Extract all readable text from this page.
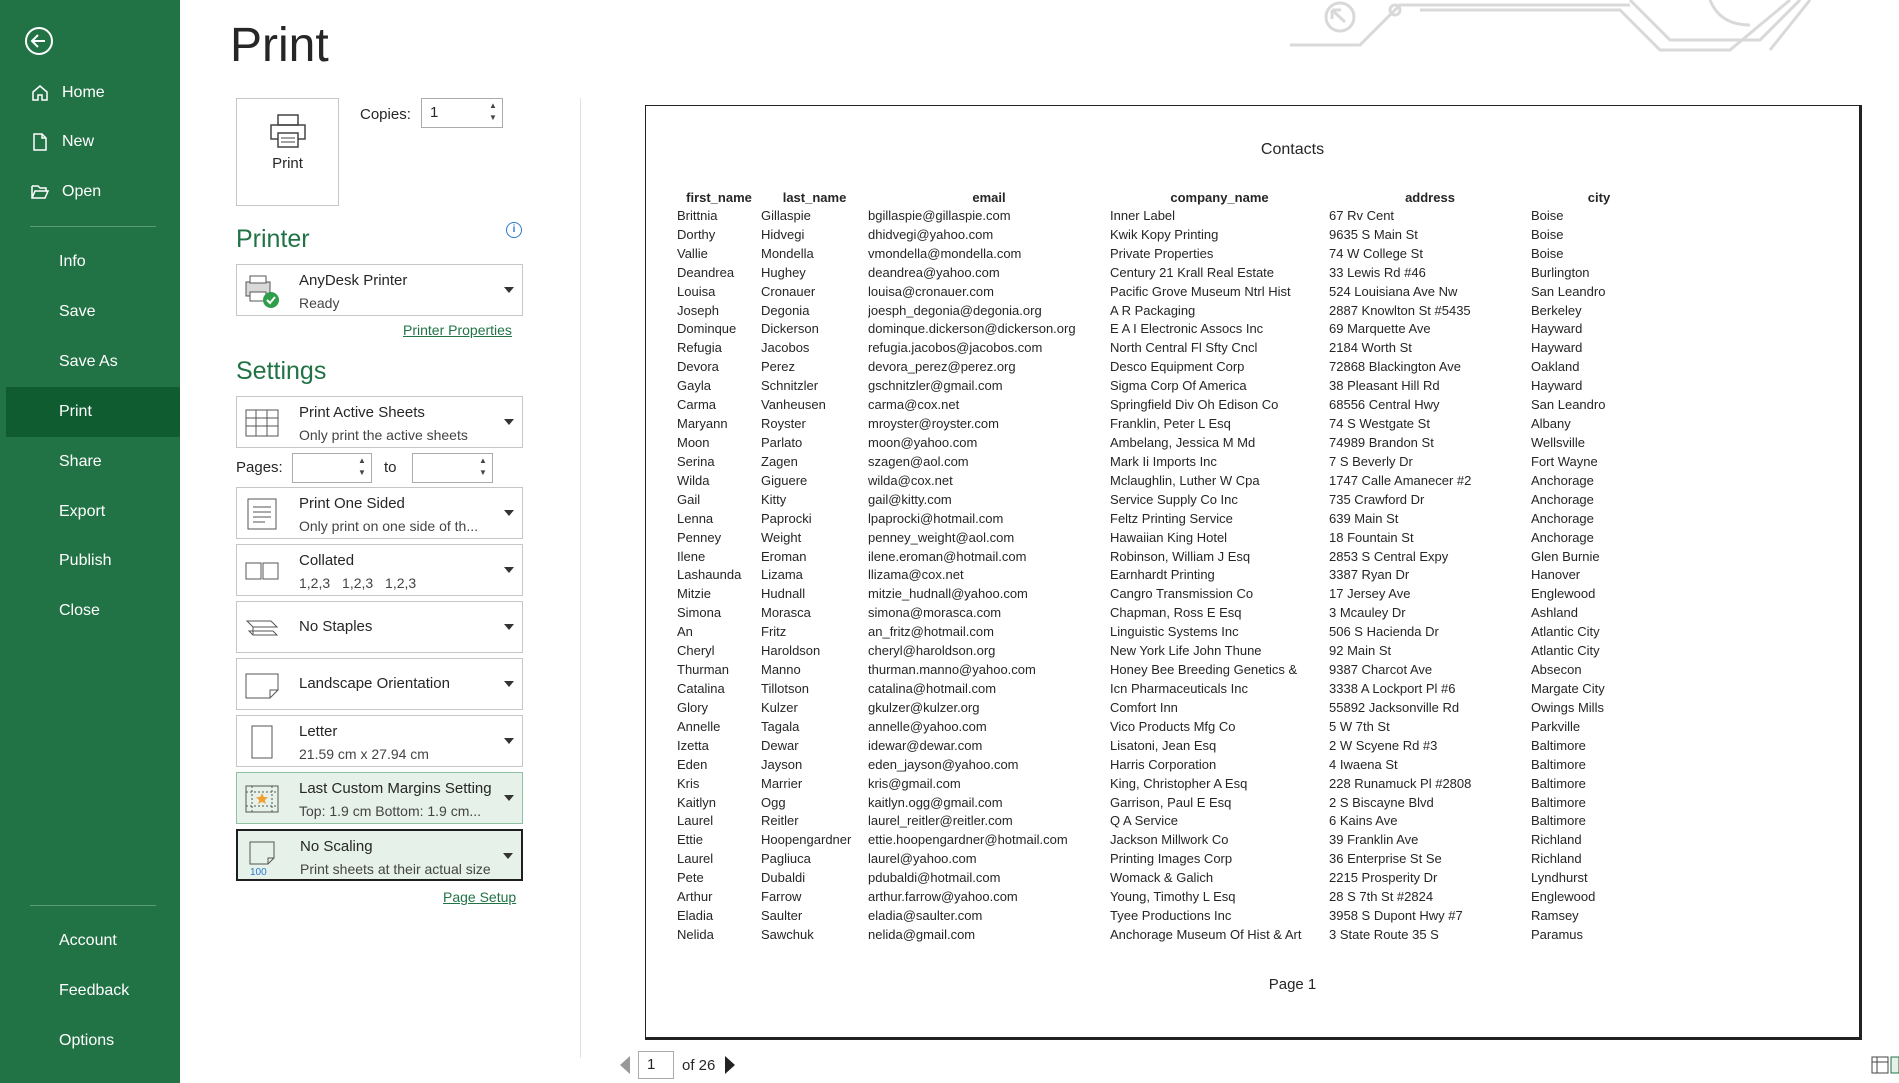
Home
New
Open
Info
Save
Save As
Print
Share
Export
Publish
Close
Account
Feedback
Options
Print
Print
Copies:	1	▲
▼
Printer	i
AnyDesk Printer
Ready
Printer Properties
Settings
Print Active Sheets
Only print the active sheets
Pages:	▲
▼ to	▲
▼
Print One Sided
Only print on one side of th...
Collated
1,2,3 1,2,3 1,2,3
No Staples
Landscape Orientation
Letter
21.59 cm x 27.94 cm
Last Custom Margins Setting
Top: 1.9 cm Bottom: 1.9 cm...
100
No Scaling
Print sheets at their actual size
Page Setup
Contacts
first_name	last_name	email	company_name	address	city
Brittnia	Gillaspie	bgillaspie@gillaspie.com	Inner Label	67 Rv Cent	Boise
Dorthy	Hidvegi	dhidvegi@yahoo.com	Kwik Kopy Printing	9635 S Main St	Boise
Vallie	Mondella	vmondella@mondella.com	Private Properties	74 W College St	Boise
Deandrea	Hughey	deandrea@yahoo.com	Century 21 Krall Real Estate	33 Lewis Rd #46	Burlington
Louisa	Cronauer	louisa@cronauer.com	Pacific Grove Museum Ntrl Hist	524 Louisiana Ave Nw	San Leandro
Joseph	Degonia	joesph_degonia@degonia.org	A R Packaging	2887 Knowlton St #5435	Berkeley
Dominque	Dickerson	dominque.dickerson@dickerson.org	E A I Electronic Assocs Inc	69 Marquette Ave	Hayward
Refugia	Jacobos	refugia.jacobos@jacobos.com	North Central Fl Sfty Cncl	2184 Worth St	Hayward
Devora	Perez	devora_perez@perez.org	Desco Equipment Corp	72868 Blackington Ave	Oakland
Gayla	Schnitzler	gschnitzler@gmail.com	Sigma Corp Of America	38 Pleasant Hill Rd	Hayward
Carma	Vanheusen	carma@cox.net	Springfield Div Oh Edison Co	68556 Central Hwy	San Leandro
Maryann	Royster	mroyster@royster.com	Franklin, Peter L Esq	74 S Westgate St	Albany
Moon	Parlato	moon@yahoo.com	Ambelang, Jessica M Md	74989 Brandon St	Wellsville
Serina	Zagen	szagen@aol.com	Mark Ii Imports Inc	7 S Beverly Dr	Fort Wayne
Wilda	Giguere	wilda@cox.net	Mclaughlin, Luther W Cpa	1747 Calle Amanecer #2	Anchorage
Gail	Kitty	gail@kitty.com	Service Supply Co Inc	735 Crawford Dr	Anchorage
Lenna	Paprocki	lpaprocki@hotmail.com	Feltz Printing Service	639 Main St	Anchorage
Penney	Weight	penney_weight@aol.com	Hawaiian King Hotel	18 Fountain St	Anchorage
Ilene	Eroman	ilene.eroman@hotmail.com	Robinson, William J Esq	2853 S Central Expy	Glen Burnie
Lashaunda	Lizama	llizama@cox.net	Earnhardt Printing	3387 Ryan Dr	Hanover
Mitzie	Hudnall	mitzie_hudnall@yahoo.com	Cangro Transmission Co	17 Jersey Ave	Englewood
Simona	Morasca	simona@morasca.com	Chapman, Ross E Esq	3 Mcauley Dr	Ashland
An	Fritz	an_fritz@hotmail.com	Linguistic Systems Inc	506 S Hacienda Dr	Atlantic City
Cheryl	Haroldson	cheryl@haroldson.org	New York Life John Thune	92 Main St	Atlantic City
Thurman	Manno	thurman.manno@yahoo.com	Honey Bee Breeding Genetics &	9387 Charcot Ave	Absecon
Catalina	Tillotson	catalina@hotmail.com	Icn Pharmaceuticals Inc	3338 A Lockport Pl #6	Margate City
Glory	Kulzer	gkulzer@kulzer.org	Comfort Inn	55892 Jacksonville Rd	Owings Mills
Annelle	Tagala	annelle@yahoo.com	Vico Products Mfg Co	5 W 7th St	Parkville
Izetta	Dewar	idewar@dewar.com	Lisatoni, Jean Esq	2 W Scyene Rd #3	Baltimore
Eden	Jayson	eden_jayson@yahoo.com	Harris Corporation	4 Iwaena St	Baltimore
Kris	Marrier	kris@gmail.com	King, Christopher A Esq	228 Runamuck Pl #2808	Baltimore
Kaitlyn	Ogg	kaitlyn.ogg@gmail.com	Garrison, Paul E Esq	2 S Biscayne Blvd	Baltimore
Laurel	Reitler	laurel_reitler@reitler.com	Q A Service	6 Kains Ave	Baltimore
Ettie	Hoopengardner	ettie.hoopengardner@hotmail.com	Jackson Millwork Co	39 Franklin Ave	Richland
Laurel	Pagliuca	laurel@yahoo.com	Printing Images Corp	36 Enterprise St Se	Richland
Pete	Dubaldi	pdubaldi@hotmail.com	Womack & Galich	2215 Prosperity Dr	Lyndhurst
Arthur	Farrow	arthur.farrow@yahoo.com	Young, Timothy L Esq	28 S 7th St #2824	Englewood
Eladia	Saulter	eladia@saulter.com	Tyee Productions Inc	3958 S Dupont Hwy #7	Ramsey
Nelida	Sawchuk	nelida@gmail.com	Anchorage Museum Of Hist & Art	3 State Route 35 S	Paramus
Page 1
1	of 26
